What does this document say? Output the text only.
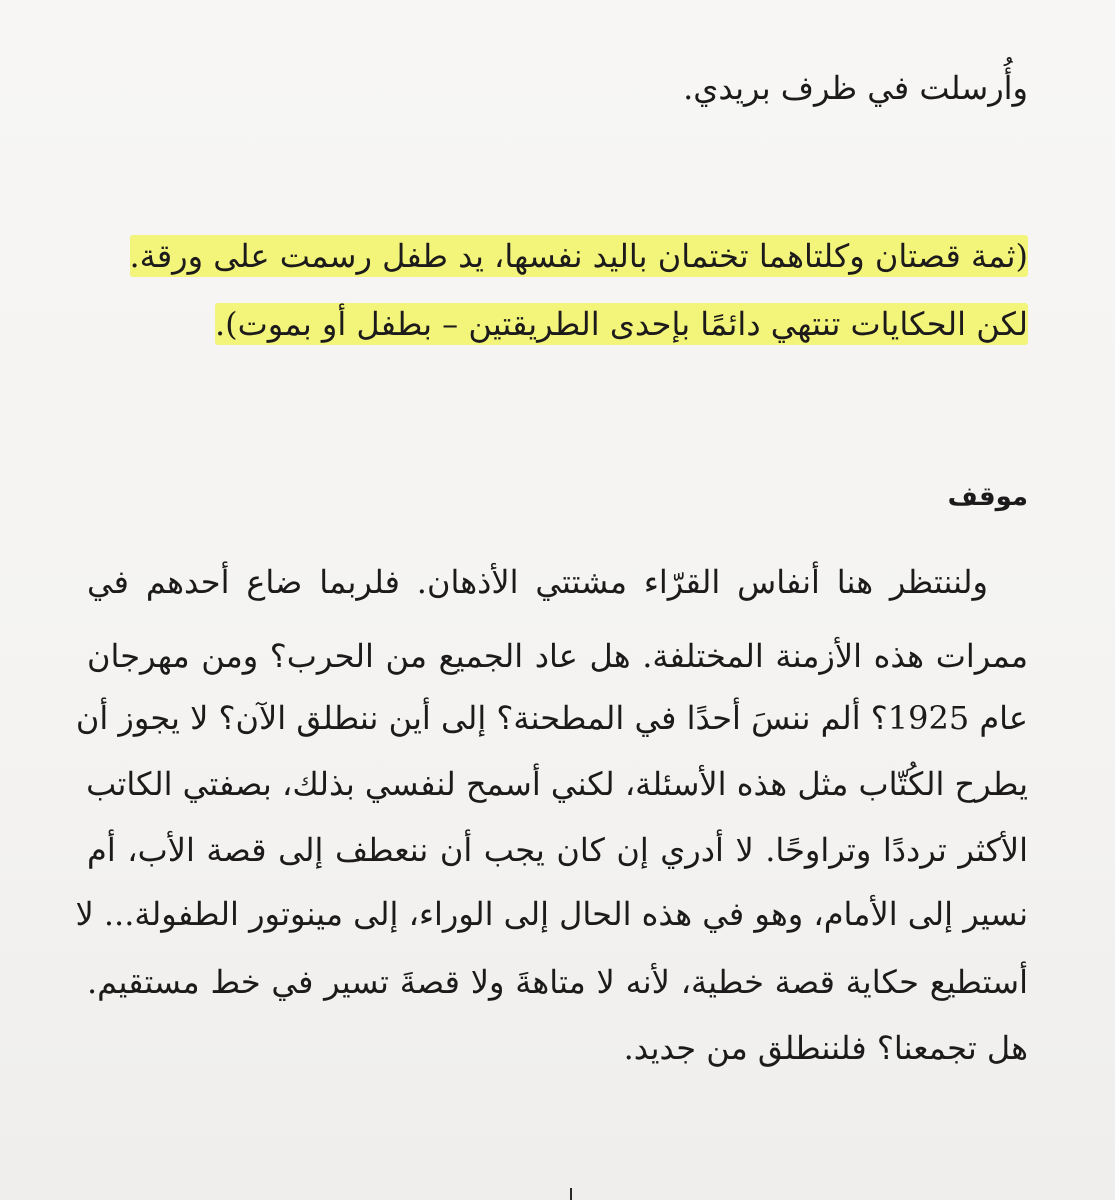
وأُرسلت في ظرف بريدي.
(ثمة قصتان وكلتاهما تختمان باليد نفسها، يد طفل رسمت على ورقة.
لكن الحكايات تنتهي دائمًا بإحدى الطريقتين – بطفل أو بموت).
موقف
ولننتظر هنا أنفاس القرّاء مشتتي الأذهان. فلربما ضاع أحدهم في
ممرات هذه الأزمنة المختلفة. هل عاد الجميع من الحرب؟ ومن مهرجان
عام 1925؟ ألم ننسَ أحدًا في المطحنة؟ إلى أين ننطلق الآن؟ لا يجوز أن
يطرح الكُتّاب مثل هذه الأسئلة، لكني أسمح لنفسي بذلك، بصفتي الكاتب
الأكثر ترددًا وتراوحًا. لا أدري إن كان يجب أن ننعطف إلى قصة الأب، أم
نسير إلى الأمام، وهو في هذه الحال إلى الوراء، إلى مينوتور الطفولة... لا
أستطيع حكاية قصة خطية، لأنه لا متاهةَ ولا قصةَ تسير في خط مستقيم.
هل تجمعنا؟ فلننطلق من جديد.
